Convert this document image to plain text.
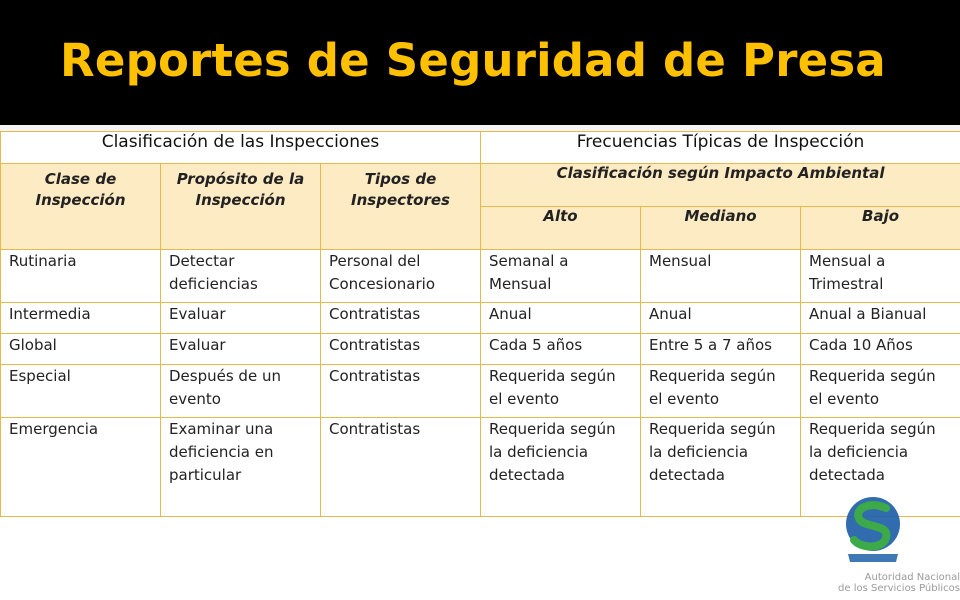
Reportes de Seguridad de Presa
Clasificación de las Inspecciones			Frecuencias Típicas de Inspección		
Clase de Inspección	Propósito de la Inspección	Tipos de Inspectores	Clasificación según Impacto Ambiental		
			Alto	Mediano	Bajo
Rutinaria	Detectar deficiencias	Personal del Concesionario	Semanal a Mensual	Mensual	Mensual a Trimestral
Intermedia	Evaluar	Contratistas	Anual	Anual	Anual a Bianual
Global	Evaluar	Contratistas	Cada 5 años	Entre 5 a 7 años	Cada 10 Años
Especial	Después de un evento	Contratistas	Requerida según el evento	Requerida según el evento	Requerida según el evento
Emergencia	Examinar una deficiencia en particular	Contratistas	Requerida según la deficiencia detectada	Requerida según la deficiencia detectada	Requerida según la deficiencia detectada
Autoridad Nacional
de los Servicios Públicos
